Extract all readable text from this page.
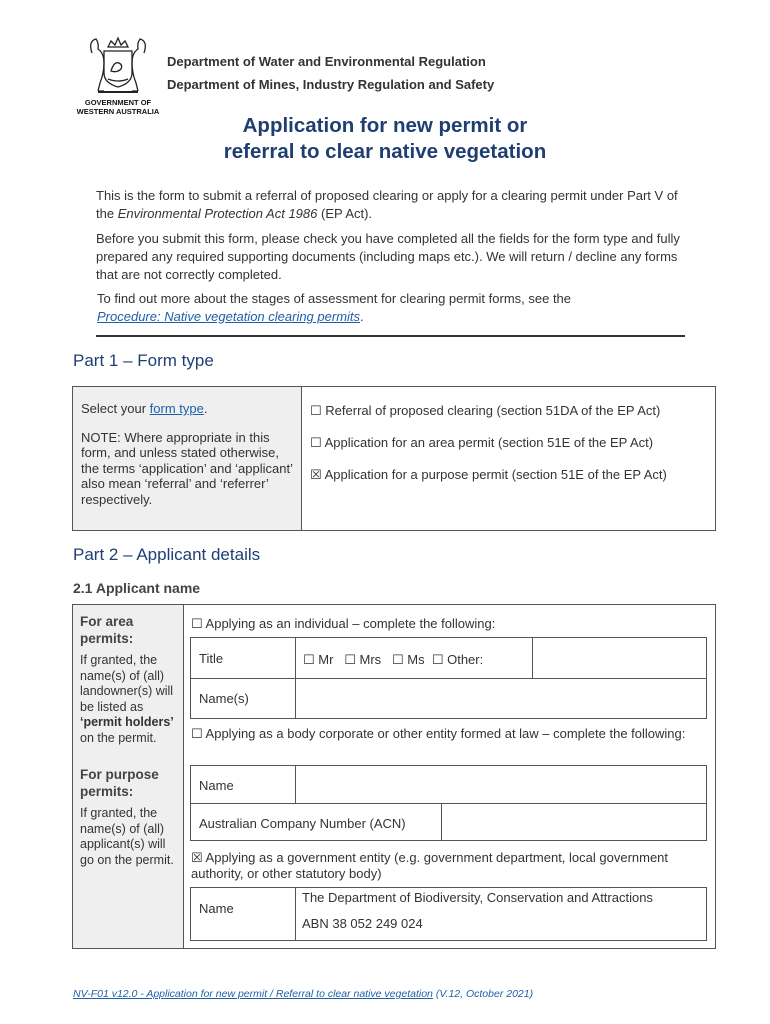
GOVERNMENT OF
WESTERN AUSTRALIA
Department of Water and Environmental Regulation
Department of Mines, Industry Regulation and Safety
Application for new permit or
referral to clear native vegetation
This is the form to submit a referral of proposed clearing or apply for a clearing permit under Part V of the Environmental Protection Act 1986 (EP Act).
Before you submit this form, please check you have completed all the fields for the form type and fully prepared any required supporting documents (including maps etc.). We will return / decline any forms that are not correctly completed.
To find out more about the stages of assessment for clearing permit forms, see the
Procedure: Native vegetation clearing permits.
Part 1 – Form type

Select your form type.

NOTE: Where appropriate in this form, and unless stated otherwise, the terms ‘application’ and ‘applicant’ also mean ‘referral’ and ‘referrer’ respectively.

☐ Referral of proposed clearing (section 51DA of the EP Act)
☐ Application for an area permit (section 51E of the EP Act)
☒ Application for a purpose permit (section 51E of the EP Act)
Part 2 – Applicant details
2.1 Applicant name
For area permits:
If granted, the name(s) of (all) landowner(s) will be listed as ‘permit holders’ on the permit.
For purpose permits:
If granted, the name(s) of (all) applicant(s) will go on the permit.
☐ Applying as an individual – complete the following:
Title	☐ Mr   ☐ Mrs   ☐ Ms  ☐ Other:
Name(s)
☐ Applying as a body corporate or other entity formed at law – complete the following:
Name
Australian Company Number (ACN)
☒ Applying as a government entity (e.g. government department, local government authority, or other statutory body)
Name
The Department of Biodiversity, Conservation and Attractions
ABN 38 052 249 024
NV-F01 v12.0 - Application for new permit / Referral to clear native vegetation (V.12, October 2021)
